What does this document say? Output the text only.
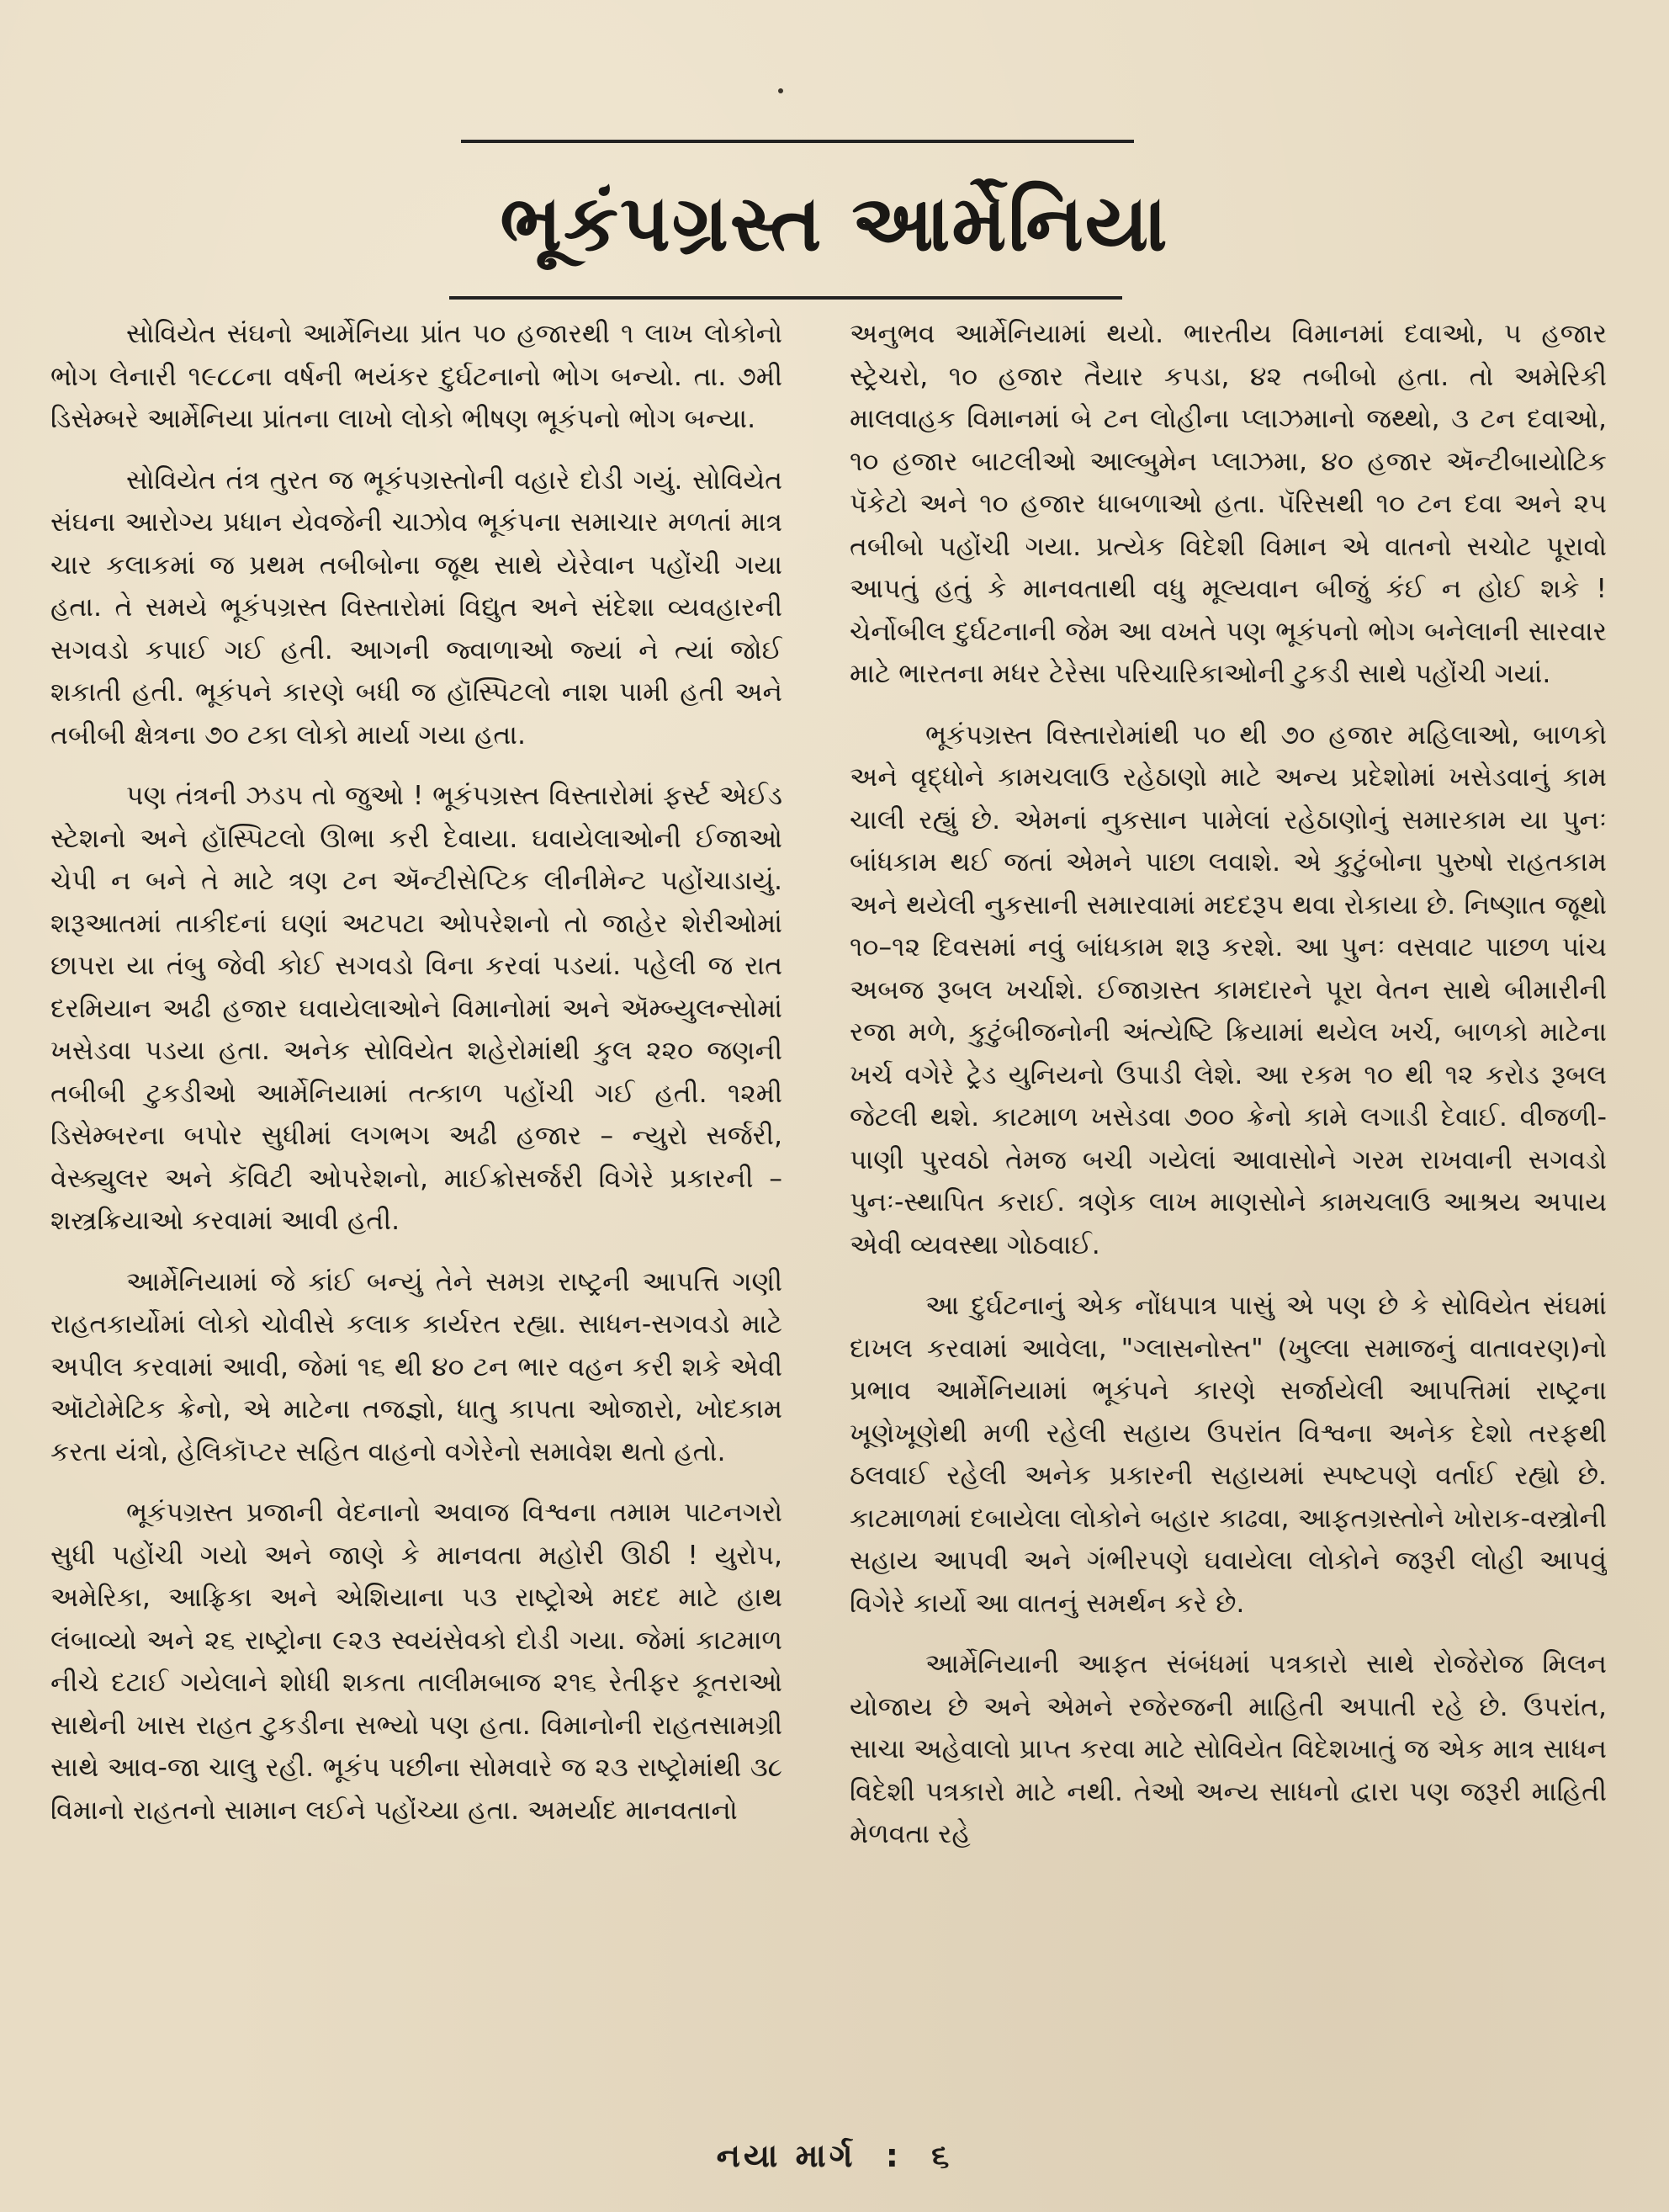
ભૂકંપગ્રસ્ત આર્મેનિયા

સોવિયેત સંઘનો આર્મેનિયા પ્રાંત ૫૦ હજારથી ૧ લાખ લોકોનો ભોગ લેનારી ૧૯૮૮ના વર્ષની ભયંકર દુર્ઘટનાનો ભોગ બન્યો. તા. ૭મી ડિસેમ્બરે આર્મેનિયા પ્રાંતના લાખો લોકો ભીષણ ભૂકંપનો ભોગ બન્યા.

સોવિયેત તંત્ર તુરત જ ભૂકંપગ્રસ્તોની વહારે દોડી ગયું. સોવિયેત સંઘના આરોગ્ય પ્રધાન યેવજેની ચાઝોવ ભૂકંપના સમાચાર મળતાં માત્ર ચાર કલાકમાં જ પ્રથમ તબીબોના જૂથ સાથે યેરેવાન પહોંચી ગયા હતા. તે સમયે ભૂકંપગ્રસ્ત વિસ્તારોમાં વિદ્યુત અને સંદેશા વ્યવહારની સગવડો કપાઈ ગઈ હતી. આગની જ્વાળાઓ જ્યાં ને ત્યાં જોઈ શકાતી હતી. ભૂકંપને કારણે બધી જ હૉસ્પિટલો નાશ પામી હતી અને તબીબી ક્ષેત્રના ૭૦ ટકા લોકો માર્યા ગયા હતા.

પણ તંત્રની ઝડપ તો જુઓ ! ભૂકંપગ્રસ્ત વિસ્તારોમાં ફર્સ્ટ એઈડ સ્ટેશનો અને હૉસ્પિટલો ઊભા કરી દેવાયા. ઘવાયેલાઓની ઈજાઓ ચેપી ન બને તે માટે ત્રણ ટન ઍન્ટીસેપ્ટિક લીનીમેન્ટ પહોંચાડાયું. શરૂઆતમાં તાકીદનાં ઘણાં અટપટા ઓપરેશનો તો જાહેર શેરીઓમાં છાપરા યા તંબુ જેવી કોઈ સગવડો વિના કરવાં પડયાં. પહેલી જ રાત દરમિયાન અઢી હજાર ઘવાયેલાઓને વિમાનોમાં અને ઍમ્બ્યુલન્સોમાં ખસેડવા પડયા હતા. અનેક સોવિયેત શહેરોમાંથી કુલ ૨૨૦ જણની તબીબી ટુકડીઓ આર્મેનિયામાં તત્કાળ પહોંચી ગઈ હતી. ૧૨મી ડિસેમ્બરના બપોર સુધીમાં લગભગ અઢી હજાર – ન્યુરો સર્જરી, વેસ્ક્યુલર અને કૅવિટી ઓપરેશનો, માઈક્રોસર્જરી વિગેરે પ્રકારની – શસ્ત્રક્રિયાઓ કરવામાં આવી હતી.

આર્મેનિયામાં જે કાંઈ બન્યું તેને સમગ્ર રાષ્ટ્રની આપત્તિ ગણી રાહતકાર્યોમાં લોકો ચોવીસે કલાક કાર્યરત રહ્યા. સાધન-સગવડો માટે અપીલ કરવામાં આવી, જેમાં ૧૬ થી ૪૦ ટન ભાર વહન કરી શકે એવી ઑટોમેટિક ક્રેનો, એ માટેના તજજ્ઞો, ધાતુ કાપતા ઓજારો, ખોદકામ કરતા યંત્રો, હેલિકૉપ્ટર સહિત વાહનો વગેરેનો સમાવેશ થતો હતો.

ભૂકંપગ્રસ્ત પ્રજાની વેદનાનો અવાજ વિશ્વના તમામ પાટનગરો સુધી પહોંચી ગયો અને જાણે કે માનવતા મહોરી ઊઠી ! યુરોપ, અમેરિકા, આફ્રિકા અને એશિયાના ૫૩ રાષ્ટ્રોએ મદદ માટે હાથ લંબાવ્યો અને ૨૬ રાષ્ટ્રોના ૯૨૩ સ્વયંસેવકો દોડી ગયા. જેમાં કાટમાળ નીચે દટાઈ ગયેલાને શોધી શકતા તાલીમબાજ ૨૧૬ રેતીફર કૂતરાઓ સાથેની ખાસ રાહત ટુકડીના સભ્યો પણ હતા. વિમાનોની રાહતસામગ્રી સાથે આવ-જા ચાલુ રહી. ભૂકંપ પછીના સોમવારે જ ૨૩ રાષ્ટ્રોમાંથી ૩૮ વિમાનો રાહતનો સામાન લઈને પહોંચ્યા હતા. અમર્યાદ માનવતાનો

અનુભવ આર્મેનિયામાં થયો. ભારતીય વિમાનમાં દવાઓ, ૫ હજાર સ્ટ્રેચરો, ૧૦ હજાર તૈયાર કપડા, ૪૨ તબીબો હતા. તો અમેરિકી માલવાહક વિમાનમાં બે ટન લોહીના પ્લાઝમાનો જથ્થો, ૩ ટન દવાઓ, ૧૦ હજાર બાટલીઓ આલ્બુમેન પ્લાઝમા, ૪૦ હજાર ઍન્ટીબાયોટિક પૅકેટો અને ૧૦ હજાર ધાબળાઓ હતા. પૅરિસથી ૧૦ ટન દવા અને ૨૫ તબીબો પહોંચી ગયા. પ્રત્યેક વિદેશી વિમાન એ વાતનો સચોટ પૂરાવો આપતું હતું કે માનવતાથી વધુ મૂલ્યવાન બીજું કંઈ ન હોઈ શકે ! ચેર્નોબીલ દુર્ઘટનાની જેમ આ વખતે પણ ભૂકંપનો ભોગ બનેલાની સારવાર માટે ભારતના મધર ટેરેસા પરિચારિકાઓની ટુકડી સાથે પહોંચી ગયાં.

ભૂકંપગ્રસ્ત વિસ્તારોમાંથી ૫૦ થી ૭૦ હજાર મહિલાઓ, બાળકો અને વૃદ્ધોને કામચલાઉ રહેઠાણો માટે અન્ય પ્રદેશોમાં ખસેડવાનું કામ ચાલી રહ્યું છે. એમનાં નુકસાન પામેલાં રહેઠાણોનું સમારકામ યા પુનઃ બાંધકામ થઈ જતાં એમને પાછા લવાશે. એ કુટુંબોના પુરુષો રાહતકામ અને થયેલી નુકસાની સમારવામાં મદદરૂપ થવા રોકાયા છે. નિષ્ણાત જૂથો ૧૦–૧૨ દિવસમાં નવું બાંધકામ શરૂ કરશે. આ પુનઃ વસવાટ પાછળ પાંચ અબજ રૂબલ ખર્ચાશે. ઈજાગ્રસ્ત કામદારને પૂરા વેતન સાથે બીમારીની રજા મળે, કુટુંબીજનોની અંત્યેષ્ટિ ક્રિયામાં થયેલ ખર્ચ, બાળકો માટેના ખર્ચ વગેરે ટ્રેડ યુનિયનો ઉપાડી લેશે. આ રકમ ૧૦ થી ૧૨ કરોડ રૂબલ જેટલી થશે. કાટમાળ ખસેડવા ૭૦૦ ક્રેનો કામે લગાડી દેવાઈ. વીજળી-પાણી પુરવઠો તેમજ બચી ગયેલાં આવાસોને ગરમ રાખવાની સગવડો પુનઃ-સ્થાપિત કરાઈ. ત્રણેક લાખ માણસોને કામચલાઉ આશ્રય અપાય એવી વ્યવસ્થા ગોઠવાઈ.

આ દુર્ઘટનાનું એક નોંધપાત્ર પાસું એ પણ છે કે સોવિયેત સંઘમાં દાખલ કરવામાં આવેલા, "ગ્લાસનોસ્ત" (ખુલ્લા સમાજનું વાતાવરણ)નો પ્રભાવ આર્મેનિયામાં ભૂકંપને કારણે સર્જાયેલી આપત્તિમાં રાષ્ટ્રના ખૂણેખૂણેથી મળી રહેલી સહાય ઉપરાંત વિશ્વના અનેક દેશો તરફથી ઠલવાઈ રહેલી અનેક પ્રકારની સહાયમાં સ્પષ્ટપણે વર્તાઈ રહ્યો છે. કાટમાળમાં દબાયેલા લોકોને બહાર કાઢવા, આફતગ્રસ્તોને ખોરાક-વસ્ત્રોની સહાય આપવી અને ગંભીરપણે ઘવાયેલા લોકોને જરૂરી લોહી આપવું વિગેરે કાર્યો આ વાતનું સમર્થન કરે છે.

આર્મેનિયાની આફત સંબંધમાં પત્રકારો સાથે રોજેરોજ મિલન યોજાય છે અને એમને રજેરજની માહિતી અપાતી રહે છે. ઉપરાંત, સાચા અહેવાલો પ્રાપ્ત કરવા માટે સોવિયેત વિદેશખાતું જ એક માત્ર સાધન વિદેશી પત્રકારો માટે નથી. તેઓ અન્ય સાધનો દ્વારા પણ જરૂરી માહિતી મેળવતા રહે

નયા માર્ગ : ૬
